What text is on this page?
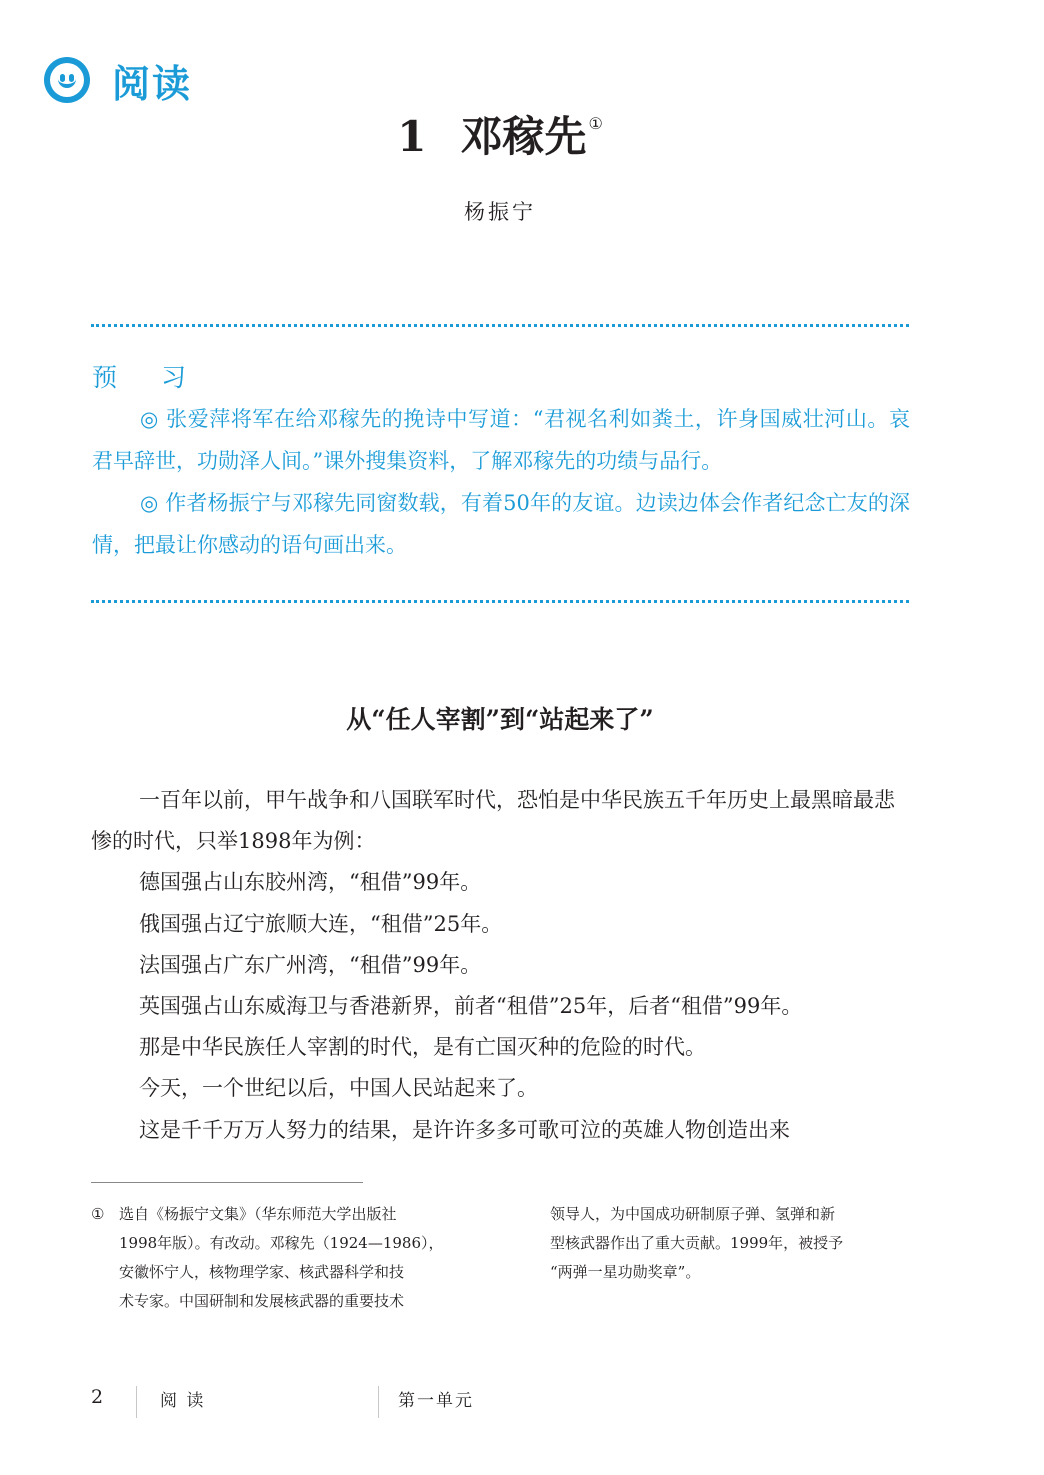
阅读
1 邓稼先 ①
杨振宁
预 习

◎ 张爱萍将军在给邓稼先的挽诗中写道：“君视名利如粪土，许身国威壮河山。哀君早辞世，功勋泽人间。”课外搜集资料，了解邓稼先的功绩与品行。

◎ 作者杨振宁与邓稼先同窗数载，有着50年的友谊。边读边体会作者纪念亡友的深情，把最让你感动的语句画出来。

从“任人宰割”到“站起来了”

一百年以前，甲午战争和八国联军时代，恐怕是中华民族五千年历史上最黑暗最悲惨的时代，只举1898年为例：

德国强占山东胶州湾，“租借”99年。

俄国强占辽宁旅顺大连，“租借”25年。

法国强占广东广州湾，“租借”99年。

英国强占山东威海卫与香港新界，前者“租借”25年，后者“租借”99年。

那是中华民族任人宰割的时代，是有亡国灭种的危险的时代。

今天，一个世纪以后，中国人民站起来了。

这是千千万万人努力的结果，是许许多多可歌可泣的英雄人物创造出来

① 选自《杨振宁文集》（华东师范大学出版社
1998年版）。有改动。邓稼先（1924—1986），
安徽怀宁人，核物理学家、核武器科学和技
术专家。中国研制和发展核武器的重要技术
领导人，为中国成功研制原子弹、氢弹和新
型核武器作出了重大贡献。1999年，被授予
“两弹一星功勋奖章”。
2	阅 读	第一单元
